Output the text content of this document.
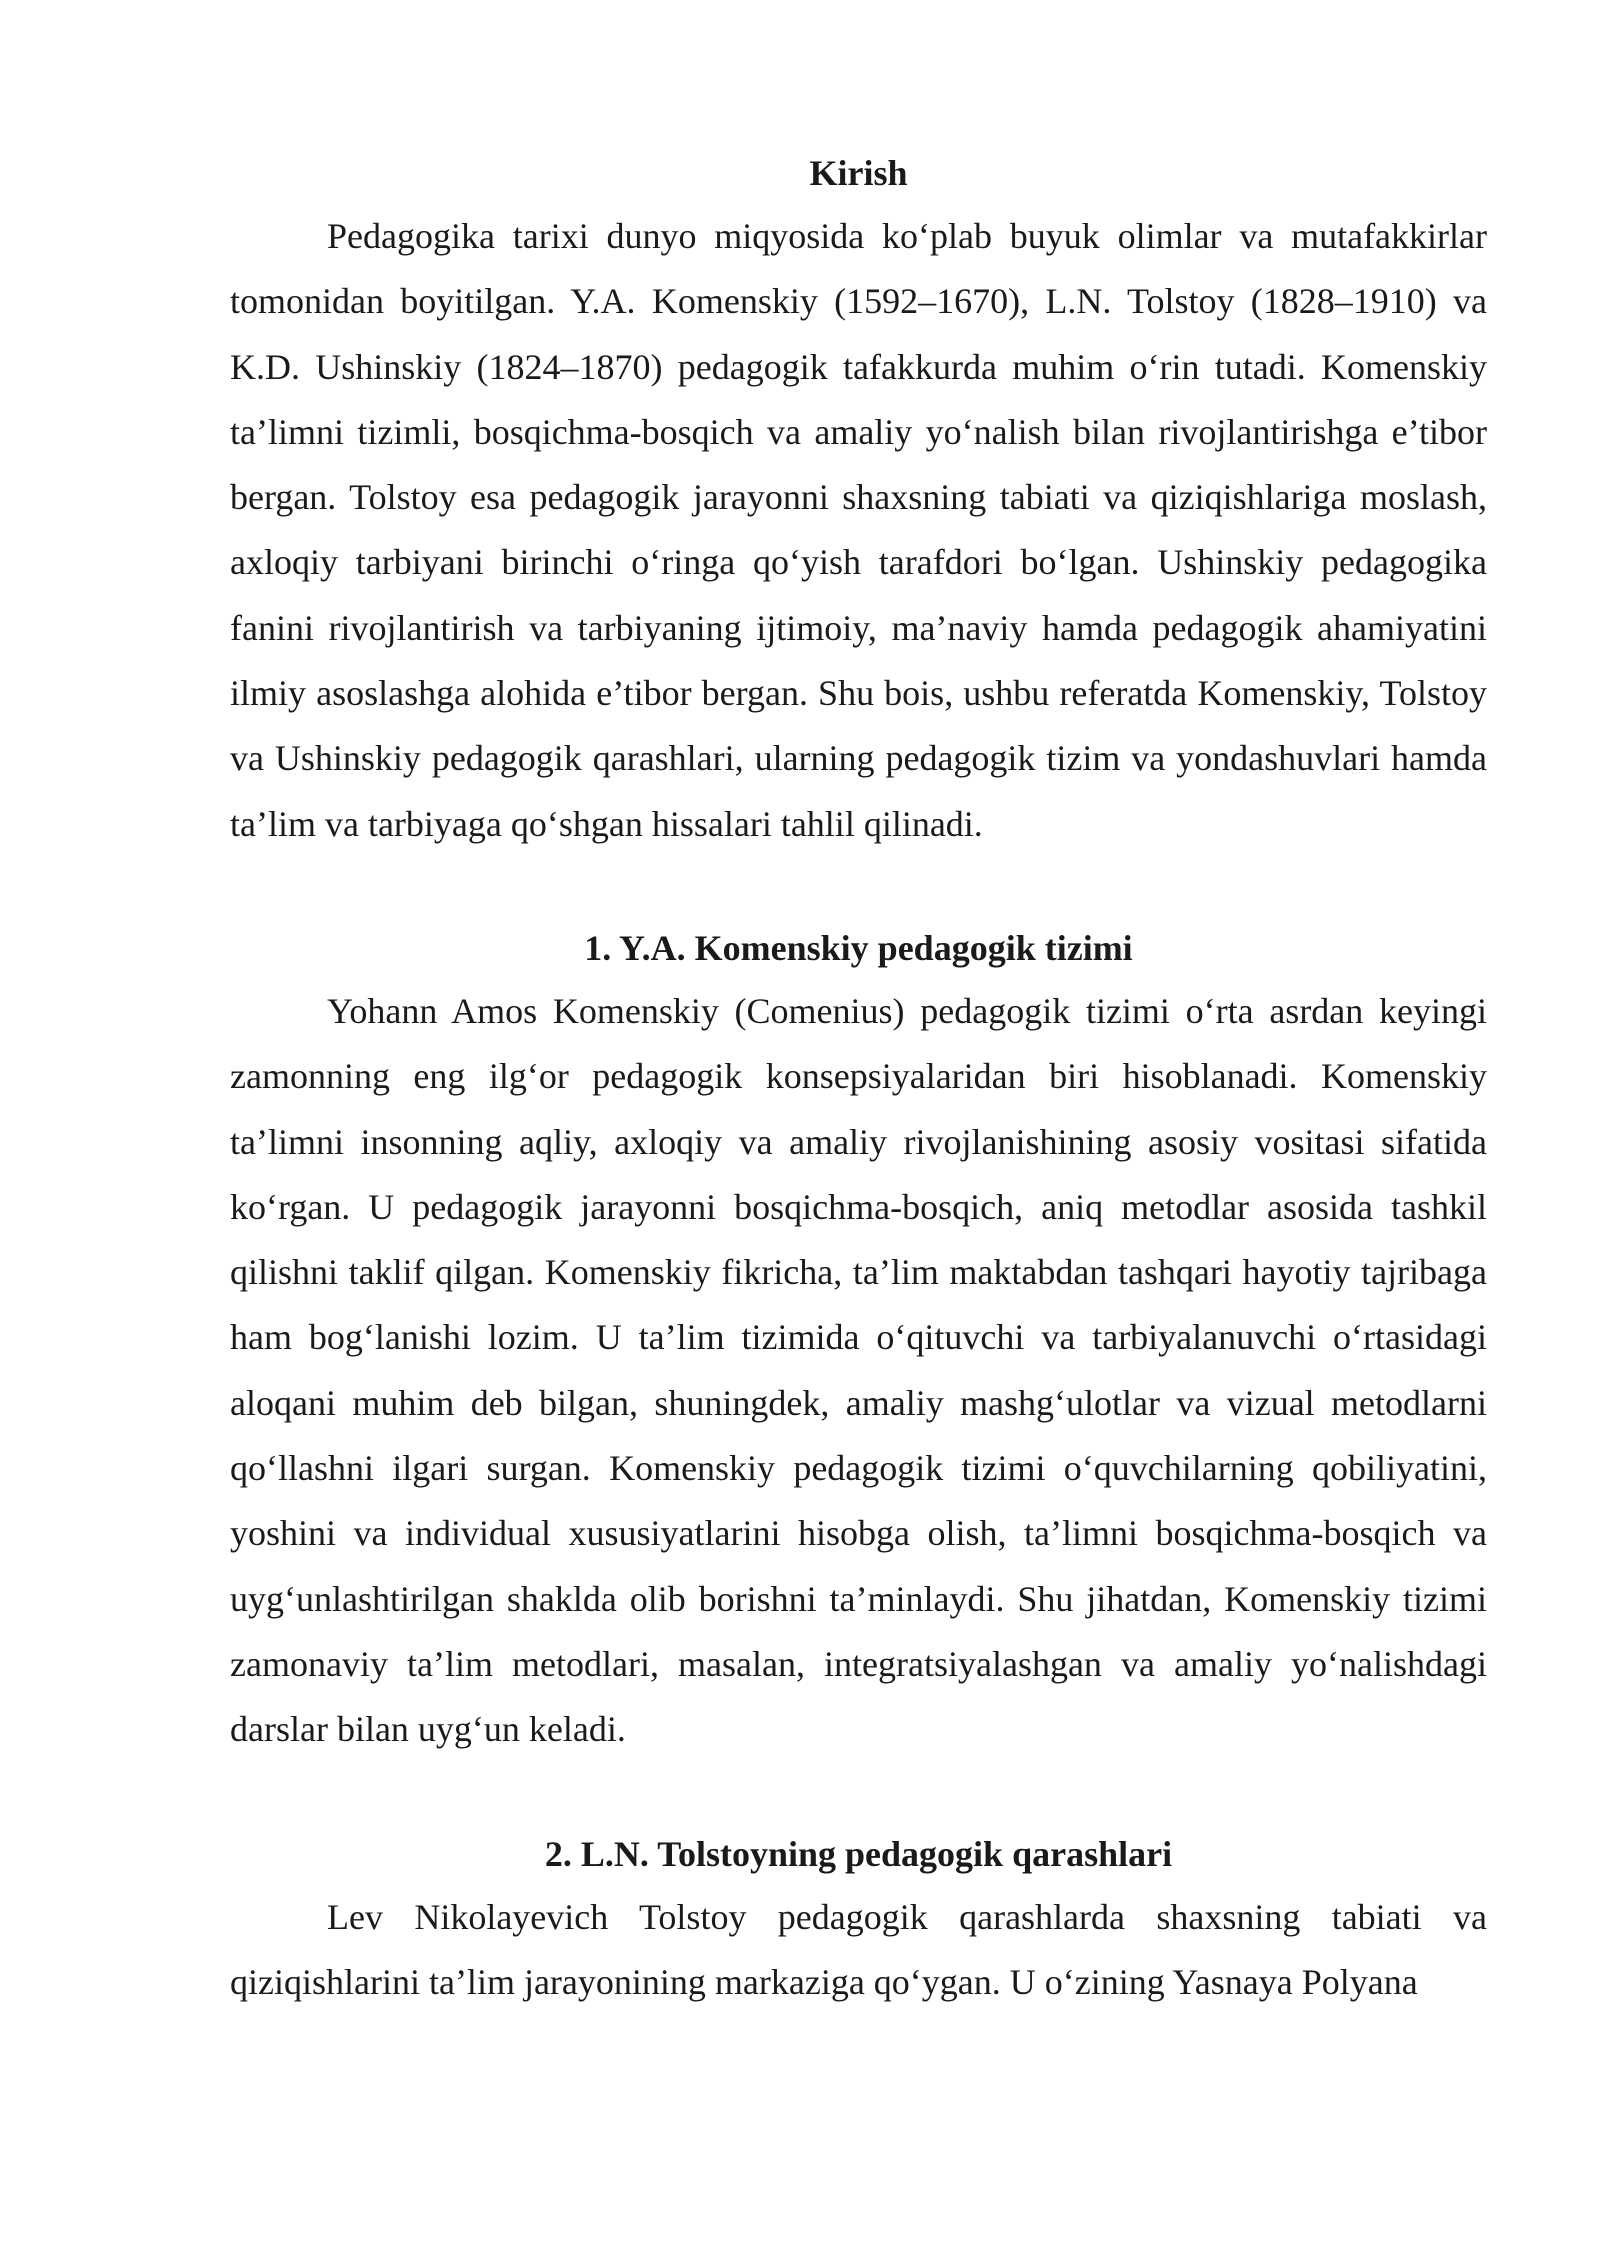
Kirish

Pedagogika tarixi dunyo miqyosida ko‘plab buyuk olimlar va mutafakkirlar tomonidan boyitilgan. Y.A. Komenskiy (1592–1670), L.N. Tolstoy (1828–1910) va K.D. Ushinskiy (1824–1870) pedagogik tafakkurda muhim o‘rin tutadi. Komenskiy ta’limni tizimli, bosqichma-bosqich va amaliy yo‘nalish bilan rivojlantirishga e’tibor bergan. Tolstoy esa pedagogik jarayonni shaxsning tabiati va qiziqishlariga moslash, axloqiy tarbiyani birinchi o‘ringa qo‘yish tarafdori bo‘lgan. Ushinskiy pedagogika fanini rivojlantirish va tarbiyaning ijtimoiy, ma’naviy hamda pedagogik ahamiyatini ilmiy asoslashga alohida e’tibor bergan. Shu bois, ushbu referatda Komenskiy, Tolstoy va Ushinskiy pedagogik qarashlari, ularning pedagogik tizim va yondashuvlari hamda ta’lim va tarbiyaga qo‘shgan hissalari tahlil qilinadi.

1. Y.A. Komenskiy pedagogik tizimi

Yohann Amos Komenskiy (Comenius) pedagogik tizimi o‘rta asrdan keyingi zamonning eng ilg‘or pedagogik konsepsiyalaridan biri hisoblanadi. Komenskiy ta’limni insonning aqliy, axloqiy va amaliy rivojlanishining asosiy vositasi sifatida ko‘rgan. U pedagogik jarayonni bosqichma-bosqich, aniq metodlar asosida tashkil qilishni taklif qilgan. Komenskiy fikricha, ta’lim maktabdan tashqari hayotiy tajribaga ham bog‘lanishi lozim. U ta’lim tizimida o‘qituvchi va tarbiyalanuvchi o‘rtasidagi aloqani muhim deb bilgan, shuningdek, amaliy mashg‘ulotlar va vizual metodlarni qo‘llashni ilgari surgan. Komenskiy pedagogik tizimi o‘quvchilarning qobiliyatini, yoshini va individual xususiyatlarini hisobga olish, ta’limni bosqichma-bosqich va uyg‘unlashtirilgan shakldа olib borishni ta’minlaydi. Shu jihatdan, Komenskiy tizimi zamonaviy ta’lim metodlari, masalan, integratsiyalashgan va amaliy yo‘nalishdagi darslar bilan uyg‘un keladi.

2. L.N. Tolstoyning pedagogik qarashlari

Lev Nikolayevich Tolstoy pedagogik qarashlarda shaxsning tabiati va qiziqishlarini ta’lim jarayonining markaziga qo‘ygan. U o‘zining Yasnaya Polyana
